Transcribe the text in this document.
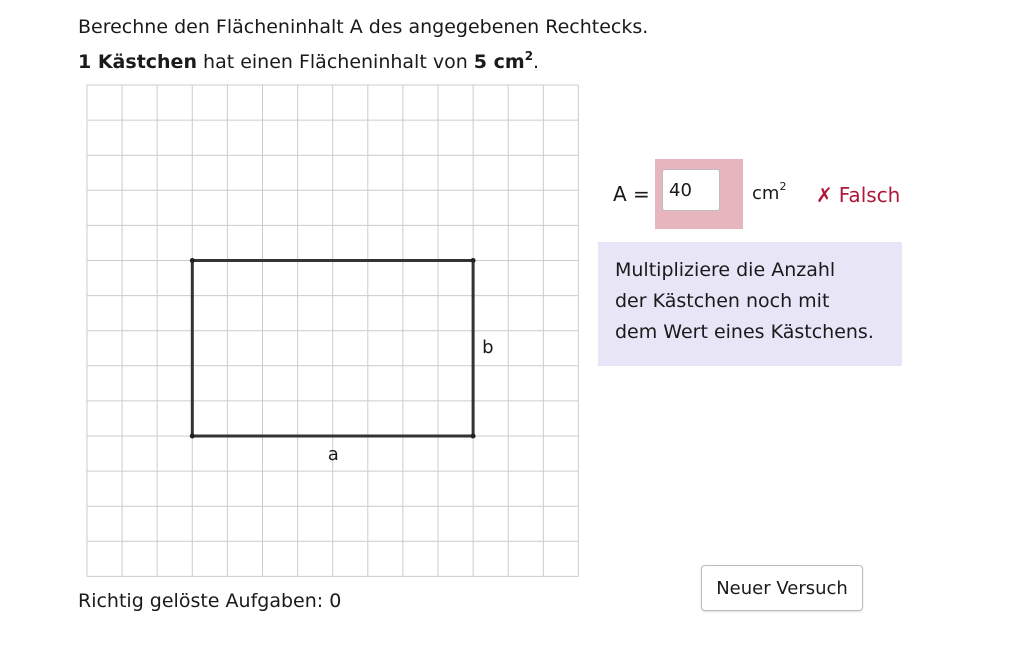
Berechne den Flächeninhalt A des angegebenen Rechtecks.
1 Kästchen hat einen Flächeninhalt von 5 $cm^2$.
a
b
A =
40	$cm^2$ ✗ Falsch
Multipliziere die Anzahl
der Kästchen noch mit
dem Wert eines Kästchens.
Richtig gelöste Aufgaben: 0
Neuer Versuch
